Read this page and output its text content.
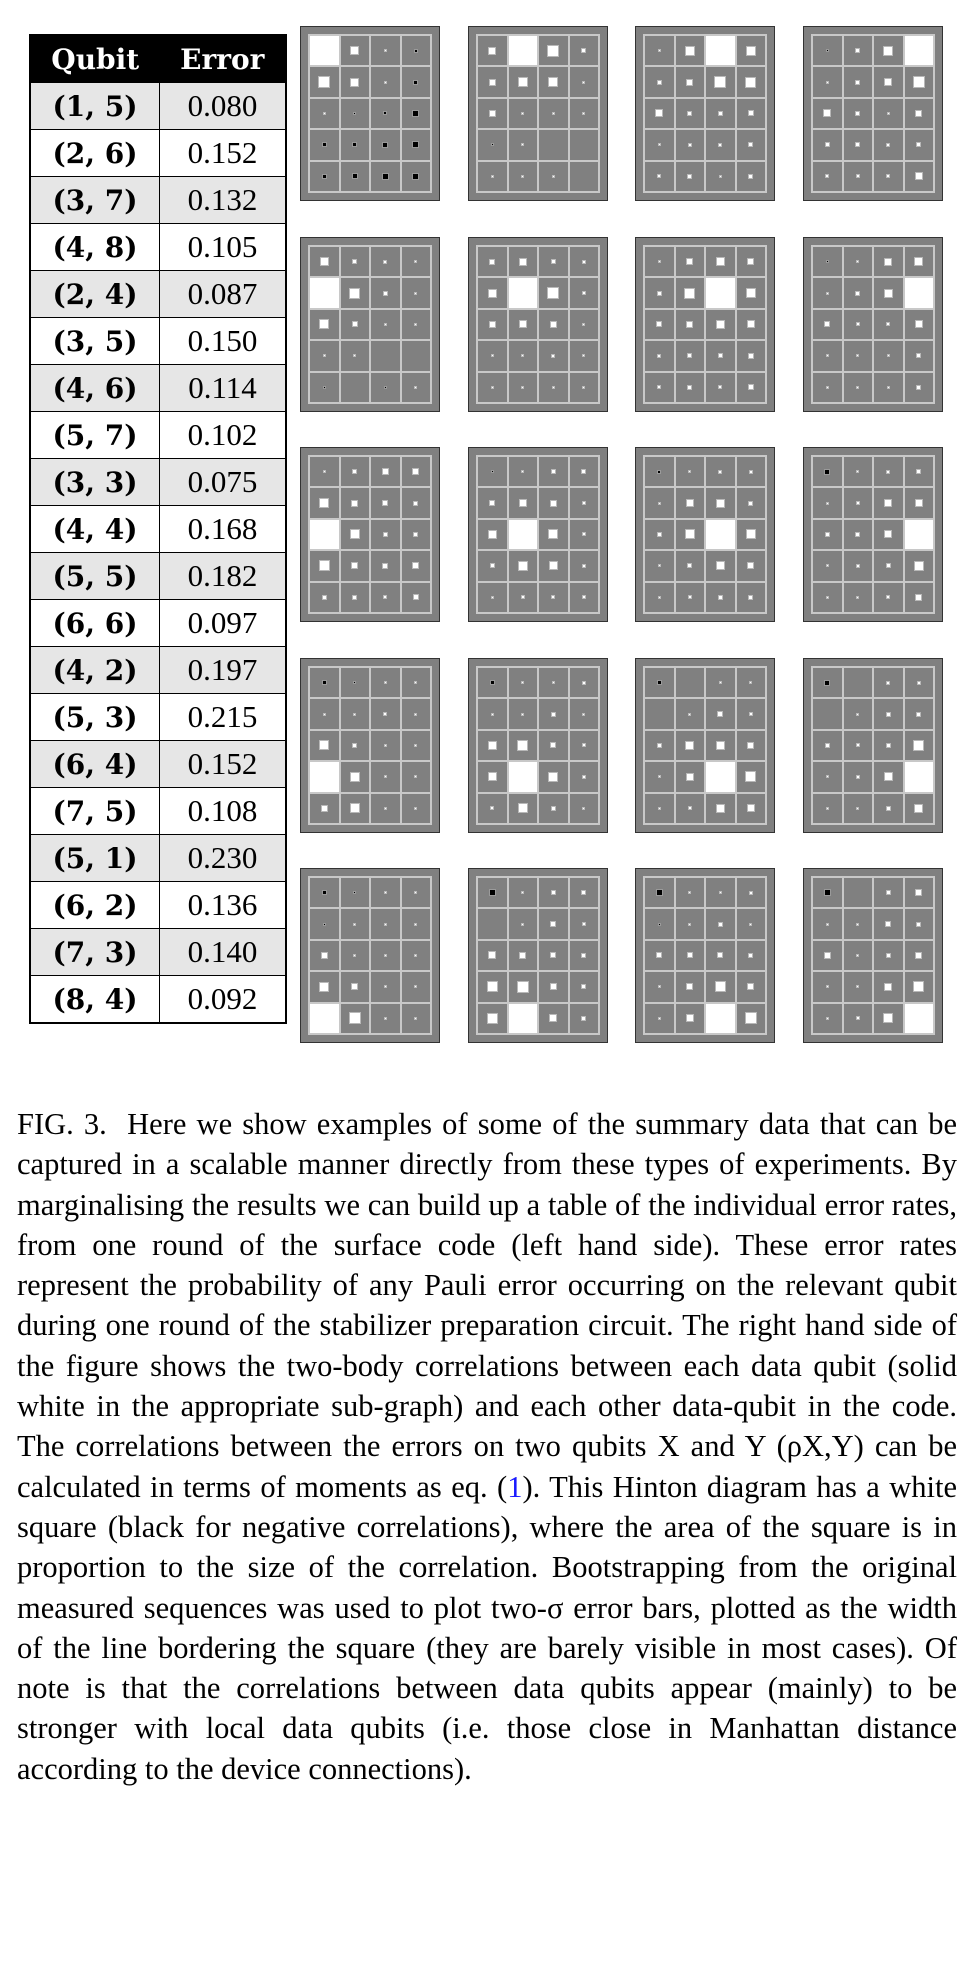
Qubit	Error
(1, 5)	0.080
(2, 6)	0.152
(3, 7)	0.132
(4, 8)	0.105
(2, 4)	0.087
(3, 5)	0.150
(4, 6)	0.114
(5, 7)	0.102
(3, 3)	0.075
(4, 4)	0.168
(5, 5)	0.182
(6, 6)	0.097
(4, 2)	0.197
(5, 3)	0.215
(6, 4)	0.152
(7, 5)	0.108
(5, 1)	0.230
(6, 2)	0.136
(7, 3)	0.140
(8, 4)	0.092
FIG. 3. Here we show examples of some of the summary data that can be captured in a scalable manner directly from these types of experiments. By marginalising the results we can build up a table of the individual error rates, from one round of the surface code (left hand side). These error rates represent the probability of any Pauli error occurring on the relevant qubit during one round of the stabilizer preparation circuit. The right hand side of the figure shows the two-body correlations between each data qubit (solid white in the appropriate sub-graph) and each other data-qubit in the code. The correlations between the errors on two qubits X and Y (ρX,Y) can be calculated in terms of moments as eq. (1). This Hinton diagram has a white square (black for negative correlations), where the area of the square is in proportion to the size of the correlation. Bootstrapping from the original measured sequences was used to plot two-σ error bars, plotted as the width of the line bordering the square (they are barely visible in most cases). Of note is that the correlations between data qubits appear (mainly) to be stronger with local data qubits (i.e. those close in Manhattan distance according to the device connections).
